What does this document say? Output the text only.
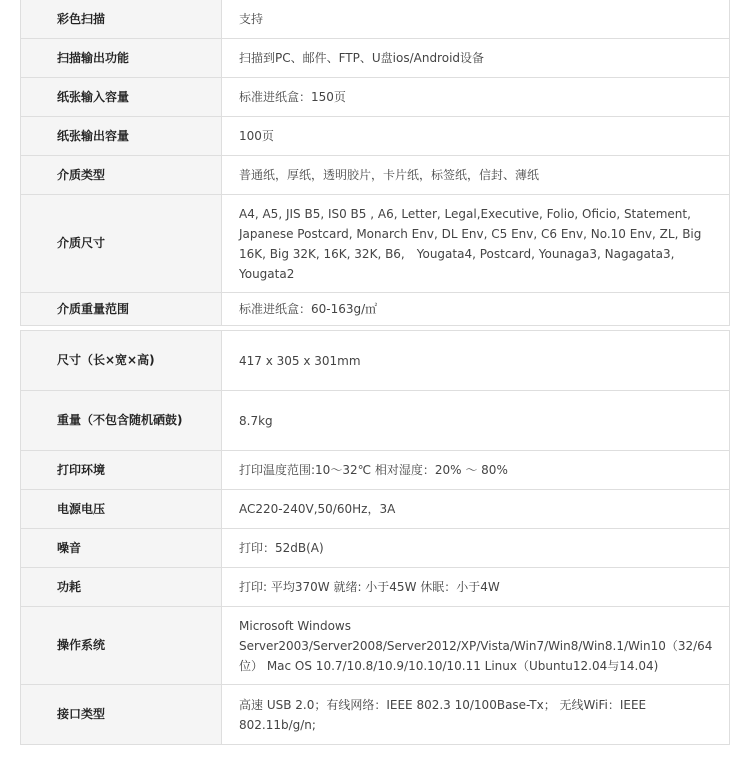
彩色扫描	支持
扫描输出功能	扫描到PC、邮件、FTP、U盘ios/Android设备
纸张输入容量	标准进纸盒：150页
纸张输出容量	100页
介质类型	普通纸，厚纸，透明胶片，卡片纸，标签纸，信封、薄纸
介质尺寸	A4, A5, JIS B5, IS0 B5 , A6, Letter, Legal,Executive, Folio, Oficio, Statement, Japanese Postcard, Monarch Env, DL Env, C5 Env, C6 Env, No.10 Env, ZL, Big 16K, Big 32K, 16K, 32K, B6,　Yougata4, Postcard, Younaga3, Nagagata3, Yougata2
介质重量范围	标准进纸盒：60-163g/㎡
尺寸（长×宽×高)	417 x 305 x 301mm
重量（不包含随机硒鼓)	8.7kg
打印环境	打印温度范围:10～32℃ 相对湿度：20% ～ 80%
电源电压	AC220-240V,50/60Hz，3A
噪音	打印：52dB(A)
功耗	打印: 平均370W 就绪: 小于45W 休眠：小于4W
操作系统	Microsoft Windows Server2003/Server2008/Server2012/XP/Vista/Win7/Win8/Win8.1/Win10（32/64位） Mac OS 10.7/10.8/10.9/10.10/10.11 Linux（Ubuntu12.04与14.04)
接口类型	高速 USB 2.0；有线网络：IEEE 802.3 10/100Base-Tx； 无线WiFi：IEEE 802.11b/g/n;
